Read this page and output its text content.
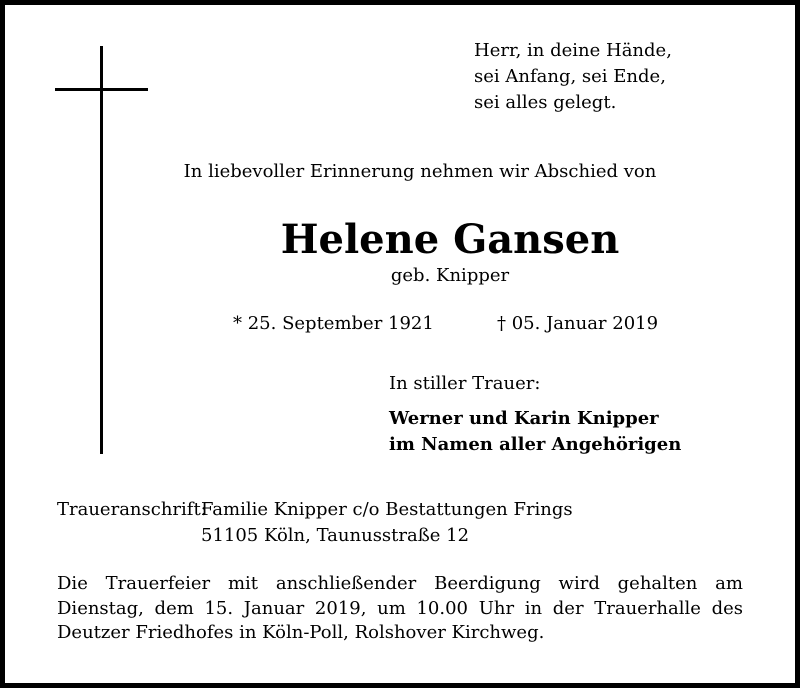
Herr, in deine Hände,
sei Anfang, sei Ende,
sei alles gelegt.
In liebevoller Erinnerung nehmen wir Abschied von
Helene Gansen
geb. Knipper
* 25. September 1921	† 05. Januar 2019
In stiller Trauer:
Werner und Karin Knipper
im Namen aller Angehörigen
Traueranschrift:
Familie Knipper c/o Bestattungen Frings
51105 Köln, Taunusstraße 12
Die Trauerfeier mit anschließender Beerdigung wird gehalten am Dienstag, dem 15. Januar 2019, um 10.00 Uhr in der Trauerhalle des Deutzer Friedhofes in Köln-Poll, Rolshover Kirchweg.
